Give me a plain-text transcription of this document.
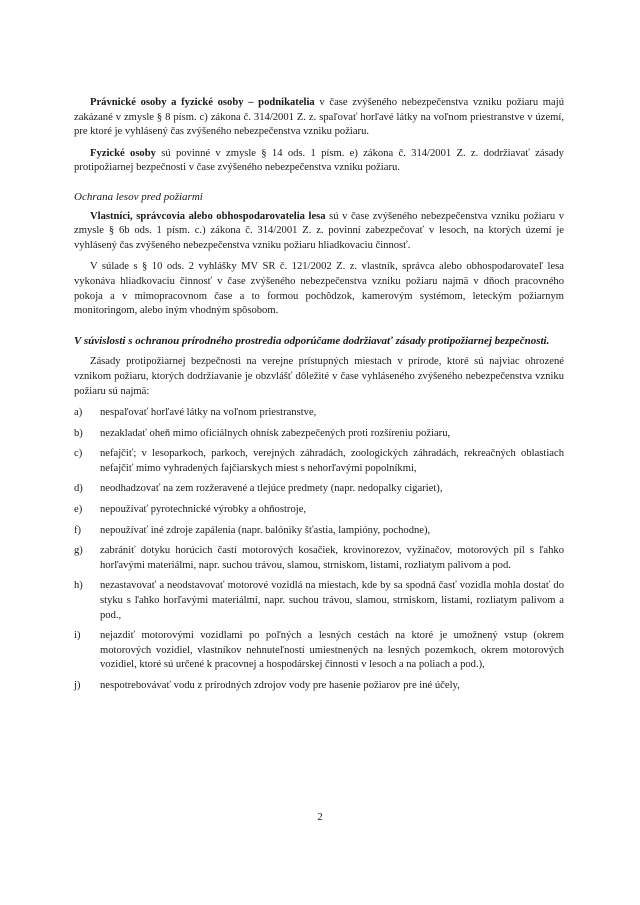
Právnické osoby a fyzické osoby – podnikatelia v čase zvýšeného nebezpečenstva vzniku požiaru majú zakázané v zmysle § 8 písm. c) zákona č. 314/2001 Z. z. spaľovať horľavé látky na voľnom priestranstve v území, pre ktoré je vyhlásený čas zvýšeného nebezpečenstva vzniku požiaru.

Fyzické osoby sú povinné v zmysle § 14 ods. 1 písm. e) zákona č. 314/2001 Z. z. dodržiavať zásady protipožiarnej bezpečnosti v čase zvýšeného nebezpečenstva vzniku požiaru.

Ochrana lesov pred požiarmi

Vlastníci, správcovia alebo obhospodarovatelia lesa sú v čase zvýšeného nebezpečenstva vzniku požiaru v zmysle § 6b ods. 1 písm. c.) zákona č. 314/2001 Z. z. povinní zabezpečovať v lesoch, na ktorých území je vyhlásený čas zvýšeného nebezpečenstva vzniku požiaru hliadkovaciu činnosť.

V súlade s § 10 ods. 2 vyhlášky MV SR č. 121/2002 Z. z. vlastník, správca alebo obhospodarovateľ lesa vykonáva hliadkovaciu činnosť v čase zvýšeného nebezpečenstva vzniku požiaru najmä v dňoch pracovného pokoja a v mimopracovnom čase a to formou pochôdzok, kamerovým systémom, leteckým požiarnym monitoringom, alebo iným vhodným spôsobom.

V súvislosti s ochranou prírodného prostredia odporúčame dodržiavať zásady protipožiarnej bezpečnosti.

Zásady protipožiarnej bezpečnosti na verejne prístupných miestach v prírode, ktoré sú najviac ohrozené vznikom požiaru, ktorých dodržiavanie je obzvlášť dôležité v čase vyhláseného zvýšeného nebezpečenstva vzniku požiaru sú najmä:

a)	nespaľovať horľavé látky na voľnom priestranstve,
b)	nezakladať oheň mimo oficiálnych ohnísk zabezpečených proti rozšíreniu požiaru,
c)	nefajčiť; v lesoparkoch, parkoch, verejných záhradách, zoologických záhradách, rekreačných oblastiach nefajčiť mimo vyhradených fajčiarskych miest s nehorľavými popolníkmi,
d)	neodhadzovať na zem rozžeravené a tlejúce predmety (napr. nedopalky cigariet),
e)	nepoužívať pyrotechnické výrobky a ohňostroje,
f)	nepoužívať iné zdroje zapálenia (napr. balóniky šťastia, lampióny, pochodne),
g)	zabrániť dotyku horúcich častí motorových kosačiek, krovinorezov, vyžínačov, motorových píl s ľahko horľavými materiálmi, napr. suchou trávou, slamou, strniskom, listami, rozliatym palivom a pod.
h)	nezastavovať a neodstavovať motorové vozidlá na miestach, kde by sa spodná časť vozidla mohla dostať do styku s ľahko horľavými materiálmi, napr. suchou trávou, slamou, strniskom, listami, rozliatym palivom a pod.,
i)	nejazdiť motorovými vozidlami po poľných a lesných cestách na ktoré je umožnený vstup (okrem motorových vozidiel, vlastníkov nehnuteľností umiestnených na lesných pozemkoch, okrem motorových vozidiel, ktoré sú určené k pracovnej a hospodárskej činnosti v lesoch a na poliach a pod.),
j)	nespotrebovávať vodu z prírodných zdrojov vody pre hasenie požiarov pre iné účely,
2
